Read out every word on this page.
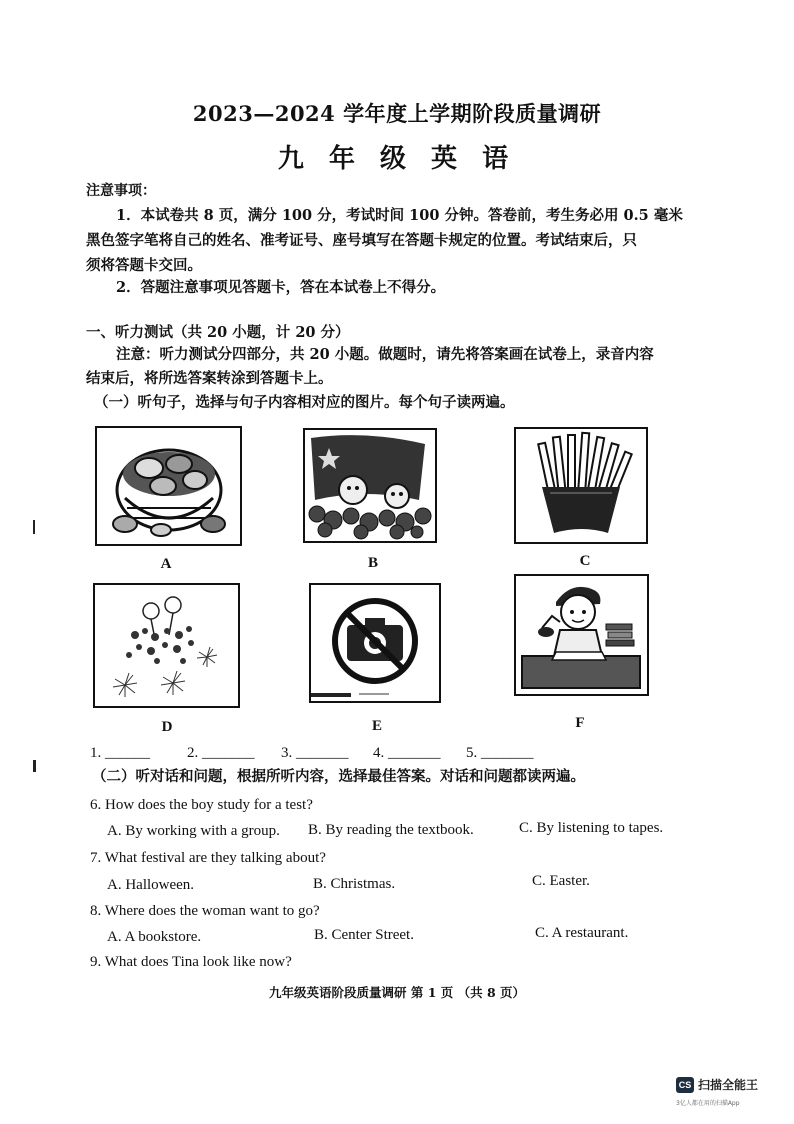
2023—2024 学年度上学期阶段质量调研
九 年 级 英 语
注意事项：
1．本试卷共 8 页，满分 100 分，考试时间 100 分钟。答卷前，考生务必用 0.5 毫米
黑色签字笔将自己的姓名、准考证号、座号填写在答题卡规定的位置。考试结束后，只
须将答题卡交回。
2．答题注意事项见答题卡，答在本试卷上不得分。
一、听力测试（共 20 小题，计 20 分）
注意：听力测试分四部分，共 20 小题。做题时，请先将答案画在试卷上，录音内容
结束后，将所选答案转涂到答题卡上。
（一）听句子，选择与句子内容相对应的图片。每个句子读两遍。
A	B	C
D	E	F
1. ______ 2. _______ 3. _______ 4. _______ 5. _______
（二）听对话和问题，根据所听内容，选择最佳答案。对话和问题都读两遍。
6. How does the boy study for a test?
A. By working with a group. B. By reading the textbook.	C. By listening to tapes.
7. What festival are they talking about?
A. Halloween.	B. Christmas.	C. Easter.
8. Where does the woman want to go?
A. A bookstore.	B. Center Street.	C. A restaurant.
9. What does Tina look like now?
九年级英语阶段质量调研 第 1 页 （共 8 页）
CS 扫描全能王
3亿人都在用的扫描App
